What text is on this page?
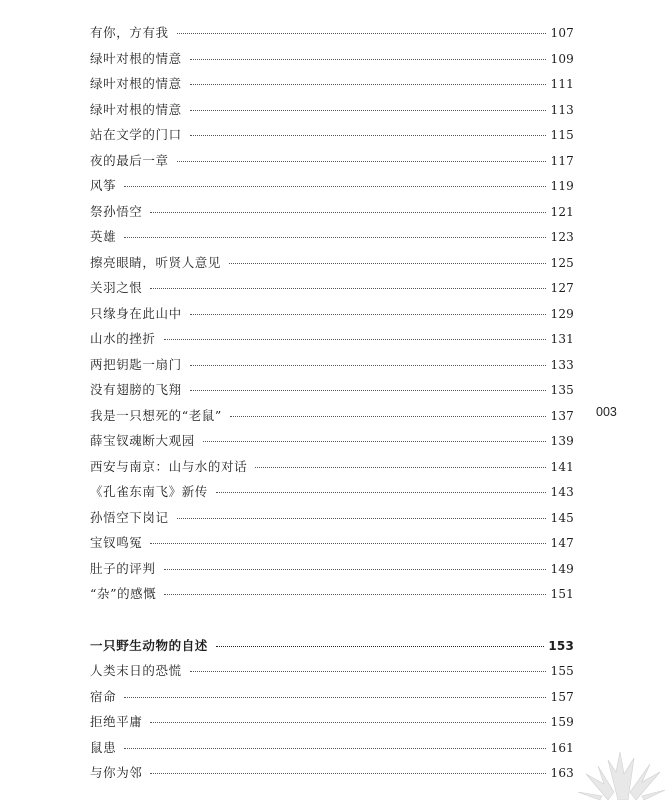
有你，方有我	107
绿叶对根的情意	109
绿叶对根的情意	111
绿叶对根的情意	113
站在文学的门口	115
夜的最后一章	117
风筝	119
祭孙悟空	121
英雄	123
擦亮眼睛，听贤人意见	125
关羽之恨	127
只缘身在此山中	129
山水的挫折	131
两把钥匙一扇门	133
没有翅膀的飞翔	135
我是一只想死的“老鼠”	137
薛宝钗魂断大观园	139
西安与南京：山与水的对话	141
《孔雀东南飞》新传	143
孙悟空下岗记	145
宝钗鸣冤	147
肚子的评判	149
“杂”的感慨	151
一只野生动物的自述	153
人类末日的恐慌	155
宿命	157
拒绝平庸	159
鼠患	161
与你为邻	163
003
